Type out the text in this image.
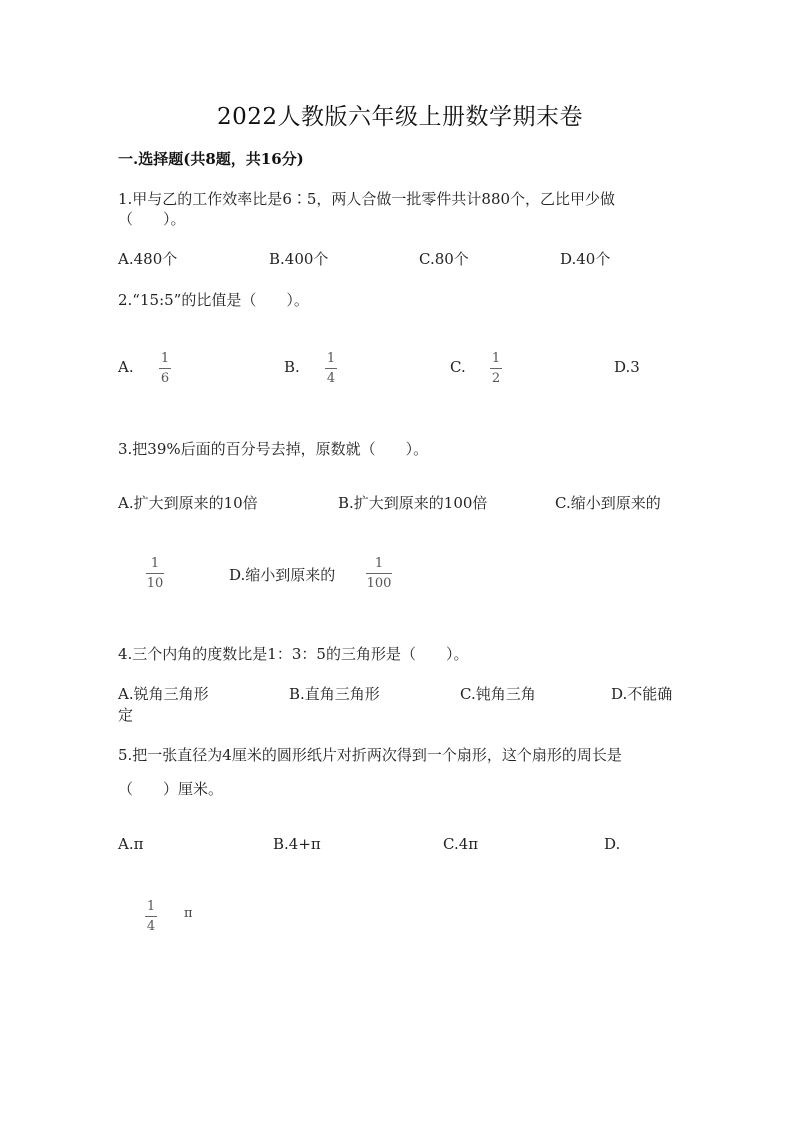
2022人教版六年级上册数学期末卷
一.选择题(共8题，共16分)
1.甲与乙的工作效率比是6∶5，两人合做一批零件共计880个，乙比甲少做
（　　）。
A.480个	B.400个	C.80个	D.40个
2.“15:5”的比值是（　　）。
A. 1
6
B. 1
4
C. 1
2
D.3
3.把39%后面的百分号去掉，原数就（　　）。
A.扩大到原来的10倍	B.扩大到原来的100倍	C.缩小到原来的
1
10	D.缩小到原来的
1
100
4.三个内角的度数比是1：3：5的三角形是（　　）。
A.锐角三角形	B.直角三角形	C.钝角三角	D.不能确
定
5.把一张直径为4厘米的圆形纸片对折两次得到一个扇形，这个扇形的周长是
（　　）厘米。
A.π	B.4+π	C.4π	D.
1
4
π
